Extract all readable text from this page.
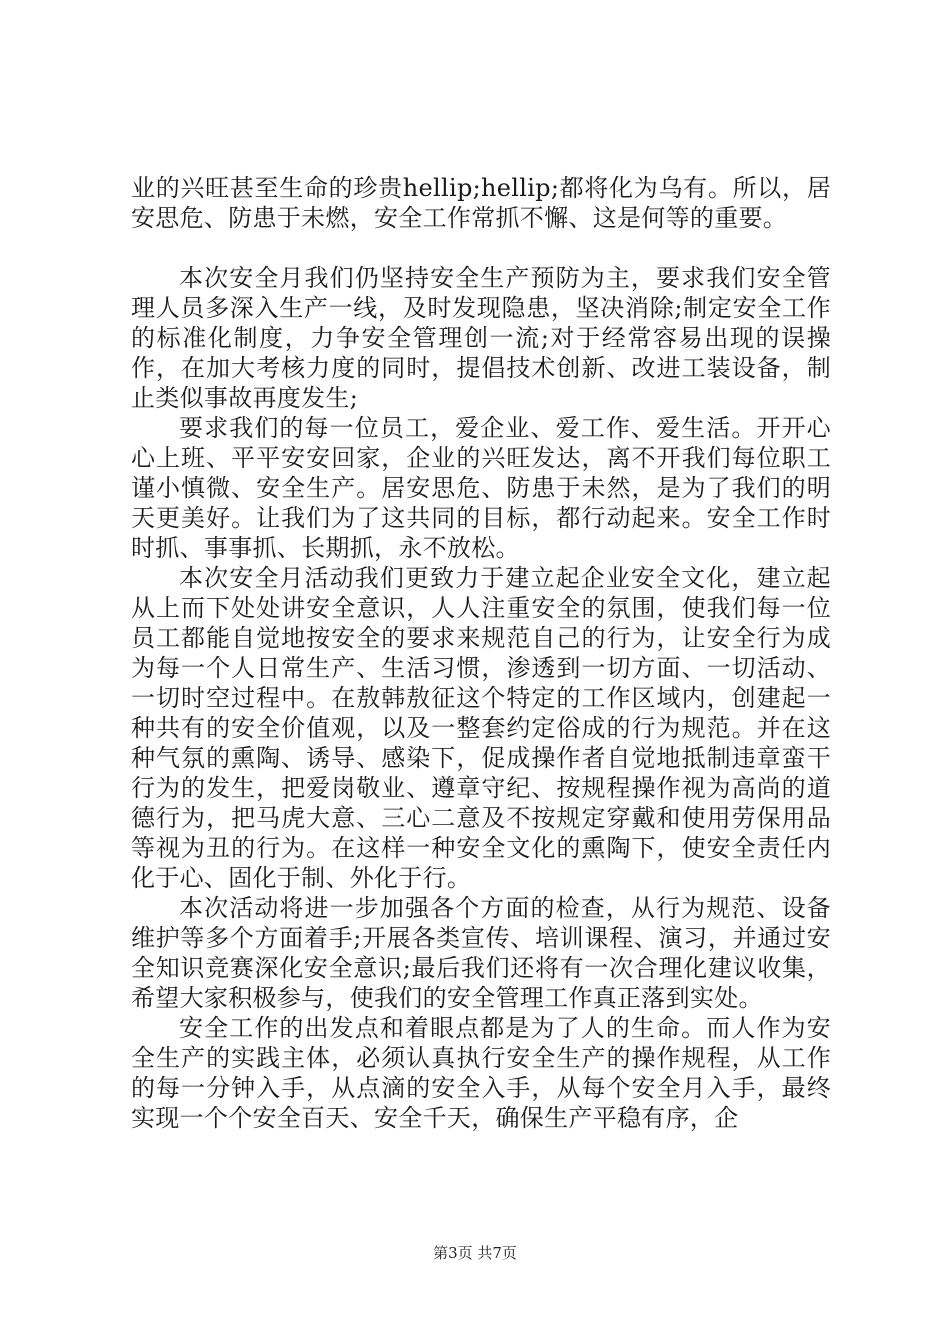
业的兴旺甚至生命的珍贵hellip;hellip;都将化为乌有。所以，居安思危、防患于未燃，安全工作常抓不懈、这是何等的重要。

本次安全月我们仍坚持安全生产预防为主，要求我们安全管理人员多深入生产一线，及时发现隐患，坚决消除;制定安全工作的标准化制度，力争安全管理创一流;对于经常容易出现的误操作，在加大考核力度的同时，提倡技术创新、改进工装设备，制止类似事故再度发生;

要求我们的每一位员工，爱企业、爱工作、爱生活。开开心心上班、平平安安回家，企业的兴旺发达，离不开我们每位职工谨小慎微、安全生产。居安思危、防患于未然，是为了我们的明天更美好。让我们为了这共同的目标，都行动起来。安全工作时时抓、事事抓、长期抓，永不放松。

本次安全月活动我们更致力于建立起企业安全文化，建立起从上而下处处讲安全意识，人人注重安全的氛围，使我们每一位员工都能自觉地按安全的要求来规范自己的行为，让安全行为成为每一个人日常生产、生活习惯，渗透到一切方面、一切活动、一切时空过程中。在敖韩敖征这个特定的工作区域内，创建起一种共有的安全价值观，以及一整套约定俗成的行为规范。并在这种气氛的熏陶、诱导、感染下，促成操作者自觉地抵制违章蛮干行为的发生，把爱岗敬业、遵章守纪、按规程操作视为高尚的道德行为，把马虎大意、三心二意及不按规定穿戴和使用劳保用品等视为丑的行为。在这样一种安全文化的熏陶下，使安全责任内化于心、固化于制、外化于行。

本次活动将进一步加强各个方面的检查，从行为规范、设备维护等多个方面着手;开展各类宣传、培训课程、演习，并通过安全知识竞赛深化安全意识;最后我们还将有一次合理化建议收集，希望大家积极参与，使我们的安全管理工作真正落到实处。

安全工作的出发点和着眼点都是为了人的生命。而人作为安全生产的实践主体，必须认真执行安全生产的操作规程，从工作的每一分钟入手，从点滴的安全入手，从每个安全月入手，最终实现一个个安全百天、安全千天，确保生产平稳有序，企

第3页 共7页
